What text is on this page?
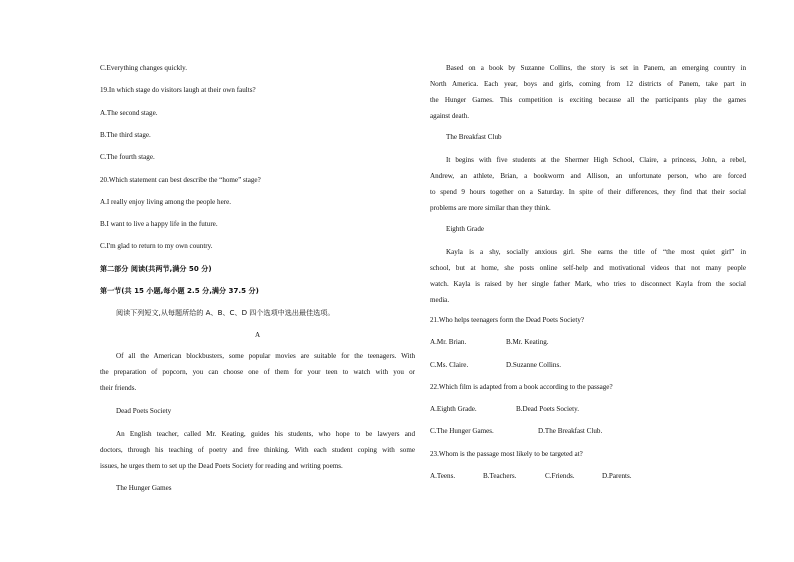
C.Everything changes quickly.
19.In which stage do visitors laugh at their own faults?
A.The second stage.
B.The third stage.
C.The fourth stage.
20.Which statement can best describe the “home” stage?
A.I really enjoy living among the people here.
B.I want to live a happy life in the future.
C.I'm glad to return to my own country.
第二部分 阅读(共两节,满分 50 分)
第一节(共 15 小题,每小题 2.5 分,满分 37.5 分)
阅读下列短文,从每题所给的 A、B、C、D 四个选项中选出最佳选项。
A
Of all the American blockbusters, some popular movies are suitable for the teenagers. With
the preparation of popcorn, you can choose one of them for your teen to watch with you or
their friends.
Dead Poets Society
An English teacher, called Mr. Keating, guides his students, who hope to be lawyers and
doctors, through his teaching of poetry and free thinking. With each student coping with some
issues, he urges them to set up the Dead Poets Society for reading and writing poems.
The Hunger Games
Based on a book by Suzanne Collins, the story is set in Panem, an emerging country in
North America. Each year, boys and girls, coming from 12 districts of Panem, take part in
the Hunger Games. This competition is exciting because all the participants play the games
against death.
The Breakfast Club
It begins with five students at the Shermer High School, Claire, a princess, John, a rebel,
Andrew, an athlete, Brian, a bookworm and Allison, an unfortunate person, who are forced
to spend 9 hours together on a Saturday. In spite of their differences, they find that their social
problems are more similar than they think.
Eighth Grade
Kayla is a shy, socially anxious girl. She earns the title of “the most quiet girl” in
school, but at home, she posts online self-help and motivational videos that not many people
watch. Kayla is raised by her single father Mark, who tries to disconnect Kayla from the social
media.
21.Who helps teenagers form the Dead Poets Society?
A.Mr. Brian.	B.Mr. Keating.
C.Ms. Claire.	D.Suzanne Collins.
22.Which film is adapted from a book according to the passage?
A.Eighth Grade.	B.Dead Poets Society.
C.The Hunger Games.	D.The Breakfast Club.
23.Whom is the passage most likely to be targeted at?
A.Teens.	B.Teachers.	C.Friends.	D.Parents.
